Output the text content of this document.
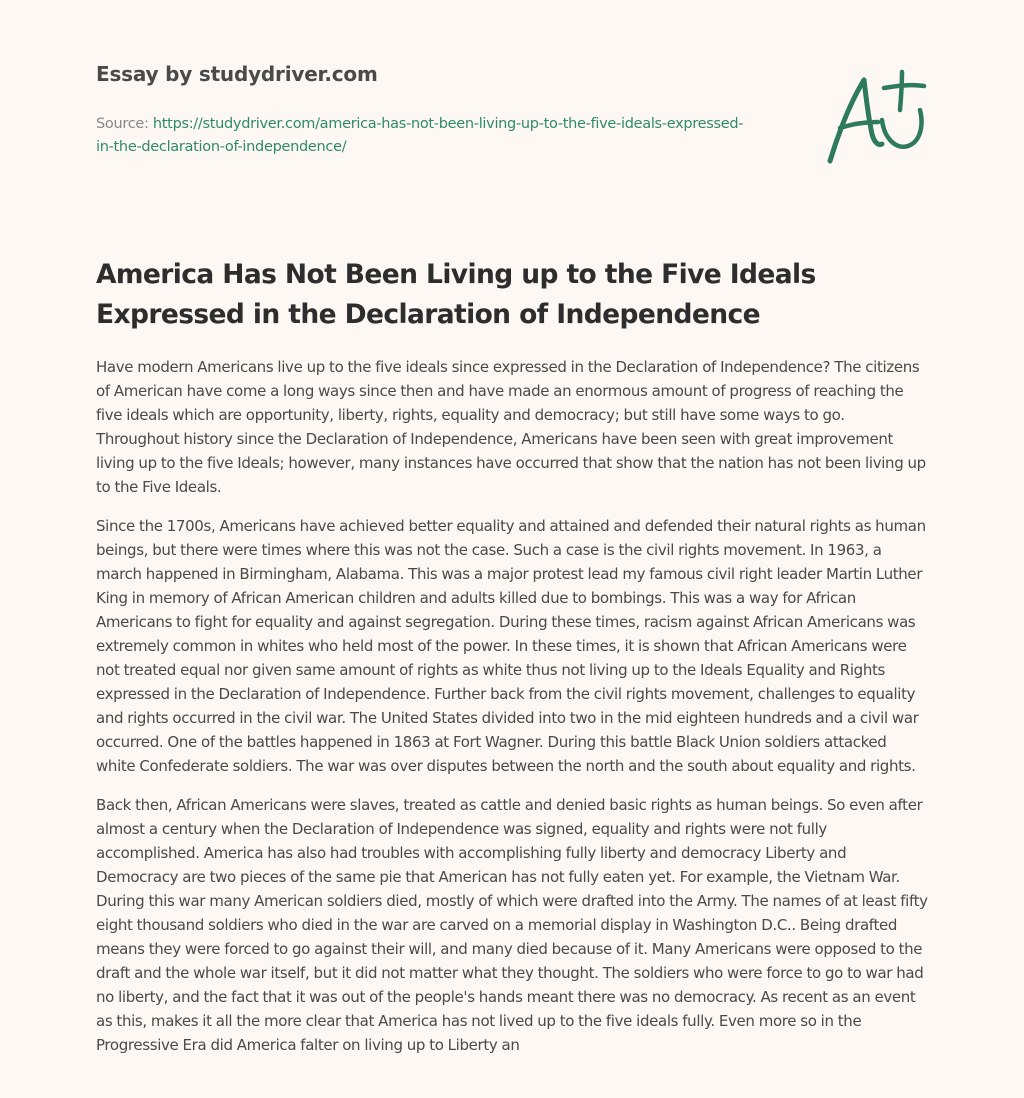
Essay by studydriver.com
Source: https://studydriver.com/america-has-not-been-living-up-to-the-five-ideals-expressed-in-the-declaration-of-independence/
America Has Not Been Living up to the Five Ideals Expressed in the Declaration of Independence

Have modern Americans live up to the five ideals since expressed in the Declaration of Independence? The citizens of American have come a long ways since then and have made an enormous amount of progress of reaching the five ideals which are opportunity, liberty, rights, equality and democracy; but still have some ways to go. Throughout history since the Declaration of Independence, Americans have been seen with great improvement living up to the five Ideals; however, many instances have occurred that show that the nation has not been living up to the Five Ideals.

Since the 1700s, Americans have achieved better equality and attained and defended their natural rights as human beings, but there were times where this was not the case. Such a case is the civil rights movement. In 1963, a march happened in Birmingham, Alabama. This was a major protest lead my famous civil right leader Martin Luther King in memory of African American children and adults killed due to bombings. This was a way for African Americans to fight for equality and against segregation. During these times, racism against African Americans was extremely common in whites who held most of the power. In these times, it is shown that African Americans were not treated equal nor given same amount of rights as white thus not living up to the Ideals Equality and Rights expressed in the Declaration of Independence. Further back from the civil rights movement, challenges to equality and rights occurred in the civil war. The United States divided into two in the mid eighteen hundreds and a civil war occurred. One of the battles happened in 1863 at Fort Wagner. During this battle Black Union soldiers attacked white Confederate soldiers. The war was over disputes between the north and the south about equality and rights.

Back then, African Americans were slaves, treated as cattle and denied basic rights as human beings. So even after almost a century when the Declaration of Independence was signed, equality and rights were not fully accomplished. America has also had troubles with accomplishing fully liberty and democracy Liberty and Democracy are two pieces of the same pie that American has not fully eaten yet. For example, the Vietnam War. During this war many American soldiers died, mostly of which were drafted into the Army. The names of at least fifty eight thousand soldiers who died in the war are carved on a memorial display in Washington D.C.. Being drafted means they were forced to go against their will, and many died because of it. Many Americans were opposed to the draft and the whole war itself, but it did not matter what they thought. The soldiers who were force to go to war had no liberty, and the fact that it was out of the people's hands meant there was no democracy. As recent as an event as this, makes it all the more clear that America has not lived up to the five ideals fully. Even more so in the Progressive Era did America falter on living up to Liberty an
